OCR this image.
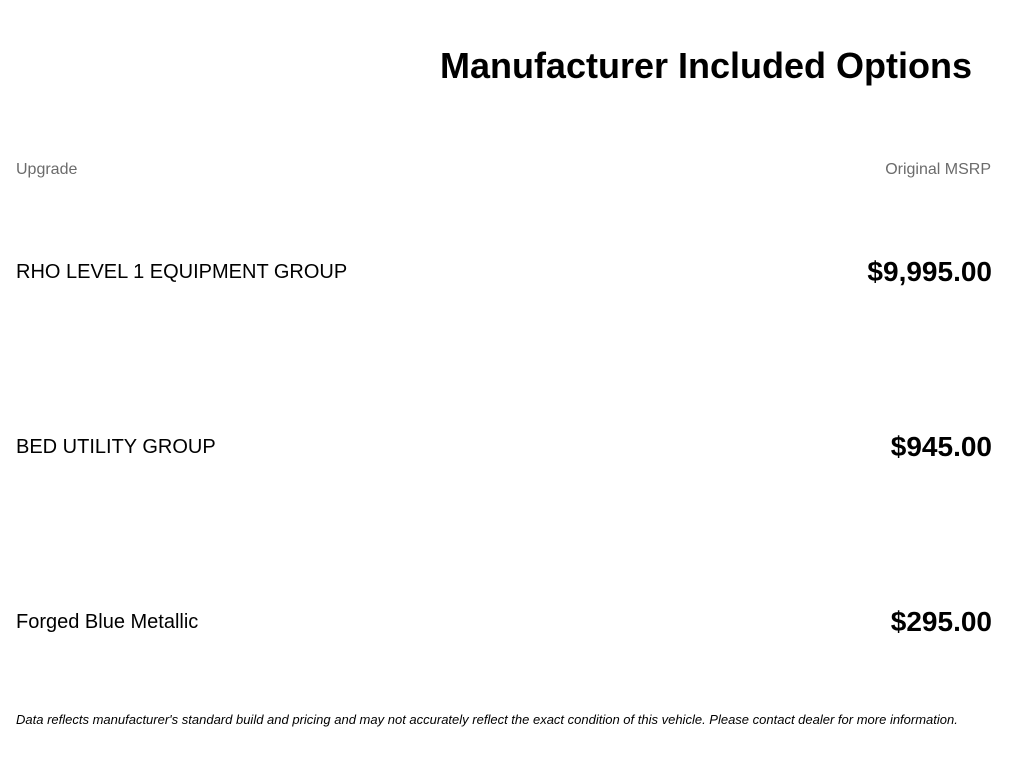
Manufacturer Included Options
Upgrade	Original MSRP
RHO LEVEL 1 EQUIPMENT GROUP	$9,995.00
BED UTILITY GROUP	$945.00
Forged Blue Metallic	$295.00
Data reflects manufacturer's standard build and pricing and may not accurately reflect the exact condition of this vehicle. Please contact dealer for more information.
